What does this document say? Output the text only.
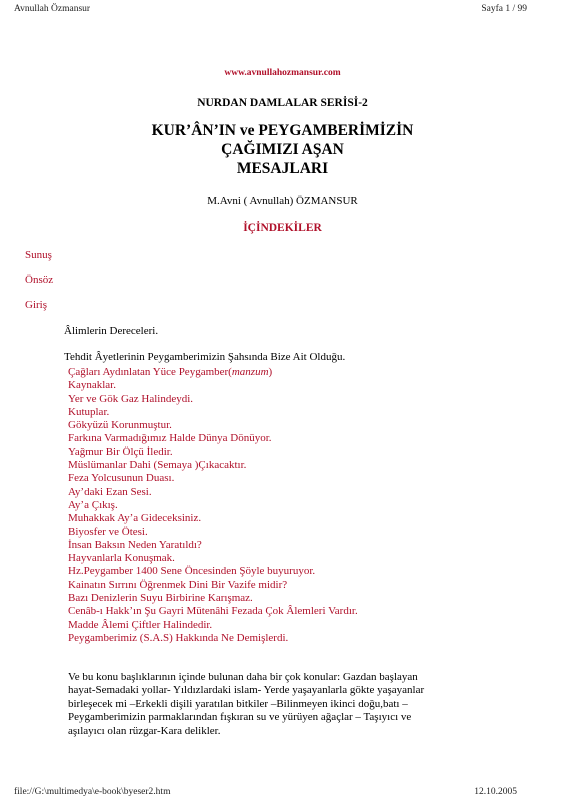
Avnullah Özmansur	Sayfa 1 / 99
www.avnullahozmansur.com
NURDAN DAMLALAR SERİSİ-2
KUR’ÂN’IN ve PEYGAMBERİMİZİN
ÇAĞIMIZI AŞAN
MESAJLARI
M.Avni ( Avnullah) ÖZMANSUR
İÇİNDEKİLER
Sunuş
Önsöz
Giriş
Âlimlerin Dereceleri.
Tehdit Âyetlerinin Peygamberimizin Şahsında Bize Ait Olduğu.
Çağları Aydınlatan Yüce Peygamber(manzum)
Kaynaklar.
Yer ve Gök Gaz Halindeydi.
Kutuplar.
Gökyüzü Korunmuştur.
Farkına Varmadığımız Halde Dünya Dönüyor.
Yağmur Bir Ölçü İledir.
Müslümanlar Dahi (Semaya )Çıkacaktır.
Feza Yolcusunun Duası.
Ay’daki Ezan Sesi.
Ay’a Çıkış.
Muhakkak Ay’a Gideceksiniz.
Biyosfer ve Ötesi.
İnsan Baksın Neden Yaratıldı?
Hayvanlarla Konuşmak.
Hz.Peygamber 1400 Sene Öncesinden Şöyle buyuruyor.
Kainatın Sırrını Öğrenmek Dini Bir Vazife midir?
Bazı Denizlerin Suyu Birbirine Karışmaz.
Cenâb-ı Hakk’ın Şu Gayri Mütenâhi Fezada Çok Âlemleri Vardır.
Madde Âlemi Çiftler Halindedir.
Peygamberimiz (S.A.S) Hakkında Ne Demişlerdi.
Ve bu konu başlıklarının içinde bulunan daha bir çok konular: Gazdan başlayan
hayat-Semadaki yollar- Yıldızlardaki islam- Yerde yaşayanlarla gökte yaşayanlar
birleşecek mi –Erkekli dişili yaratılan bitkiler –Bilinmeyen ikinci doğu,batı –
Peygamberimizin parmaklarından fışkıran su ve yürüyen ağaçlar – Taşıyıcı ve
aşılayıcı olan rüzgar-Kara delikler.
file://G:\multimedya\e-book\byeser2.htm	12.10.2005
